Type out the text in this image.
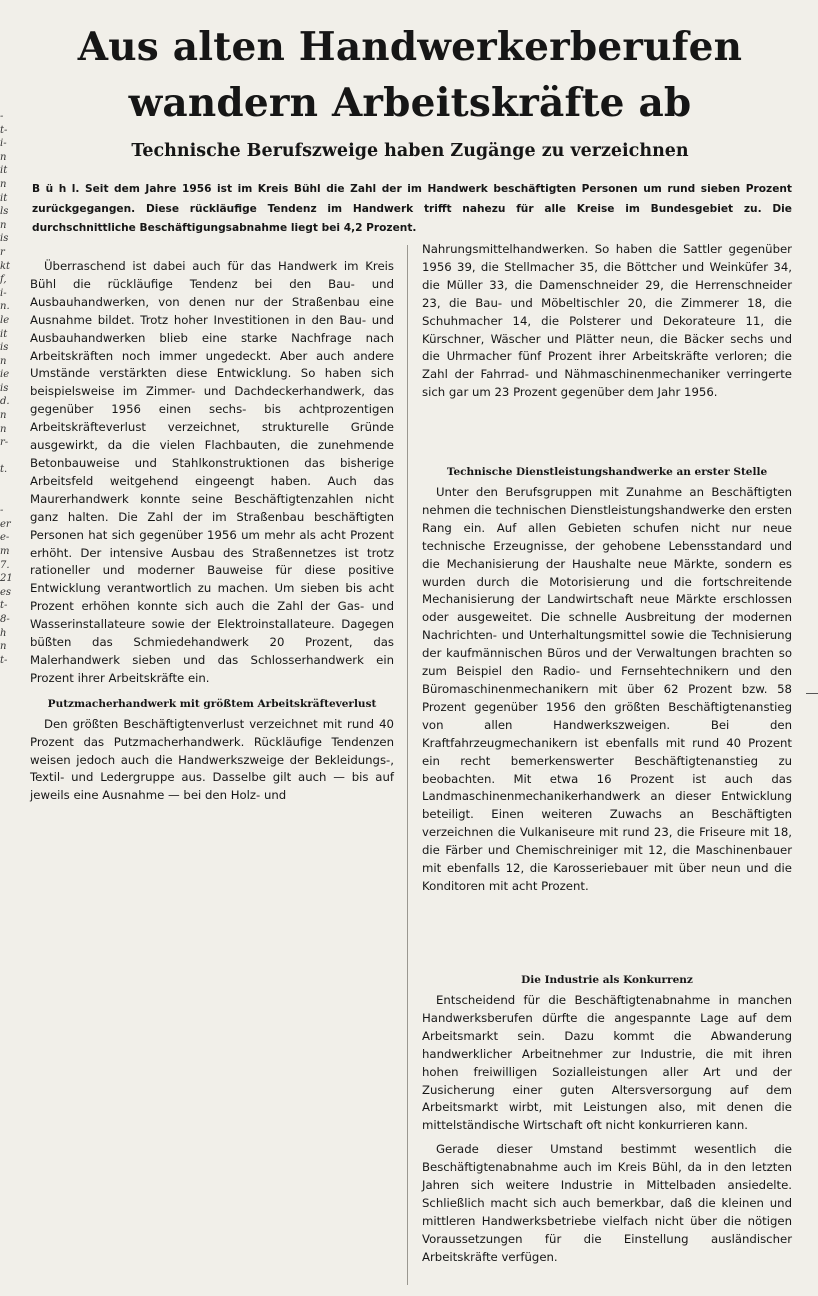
-
t-
i-
n
it
n
it
ls
n
is
r
kt
f,
i-
n.
le
it
is
n
ie
is
d.
n
n
r-

t.

-
er
e-
m
7.
21
es
t-
8-
h
n
t-
Aus alten Handwerkerberufen
wandern Arbeitskräfte ab
Technische Berufszweige haben Zugänge zu verzeichnen

B ü h l. Seit dem Jahre 1956 ist im Kreis Bühl die Zahl der im Handwerk beschäftigten Personen um rund sieben Prozent zurückgegangen. Diese rückläufige Tendenz im Handwerk trifft nahezu für alle Kreise im Bundesgebiet zu. Die durchschnittliche Beschäftigungsabnahme liegt bei 4,2 Prozent.

Überraschend ist dabei auch für das Handwerk im Kreis Bühl die rückläufige Tendenz bei den Bau- und Ausbauhandwerken, von denen nur der Straßenbau eine Ausnahme bildet. Trotz hoher Investitionen in den Bau- und Ausbauhandwerken blieb eine starke Nachfrage nach Arbeitskräften noch immer ungedeckt. Aber auch andere Umstände verstärkten diese Entwicklung. So haben sich beispielsweise im Zimmer- und Dachdeckerhandwerk, das gegenüber 1956 einen sechs- bis achtprozentigen Arbeitskräfteverlust verzeichnet, strukturelle Gründe ausgewirkt, da die vielen Flachbauten, die zunehmende Betonbauweise und Stahlkonstruktionen das bisherige Arbeitsfeld weitgehend eingeengt haben. Auch das Maurerhandwerk konnte seine Beschäftigtenzahlen nicht ganz halten. Die Zahl der im Straßenbau beschäftigten Personen hat sich gegenüber 1956 um mehr als acht Prozent erhöht. Der intensive Ausbau des Straßennetzes ist trotz rationeller und moderner Bauweise für diese positive Entwicklung verantwortlich zu machen. Um sieben bis acht Prozent erhöhen konnte sich auch die Zahl der Gas- und Wasserinstallateure sowie der Elektroinstallateure. Dagegen büßten das Schmiedehandwerk 20 Prozent, das Malerhandwerk sieben und das Schlosserhandwerk ein Prozent ihrer Arbeitskräfte ein.

Putzmacherhandwerk mit größtem Arbeitskräfteverlust

Den größten Beschäftigtenverlust verzeichnet mit rund 40 Prozent das Putzmacherhandwerk. Rückläufige Tendenzen weisen jedoch auch die Handwerkszweige der Bekleidungs-, Textil- und Ledergruppe aus. Dasselbe gilt auch — bis auf jeweils eine Ausnahme — bei den Holz- und

Nahrungsmittelhandwerken. So haben die Sattler gegenüber 1956 39, die Stellmacher 35, die Böttcher und Weinküfer 34, die Müller 33, die Damenschneider 29, die Herrenschneider 23, die Bau- und Möbeltischler 20, die Zimmerer 18, die Schuhmacher 14, die Polsterer und Dekorateure 11, die Kürschner, Wäscher und Plätter neun, die Bäcker sechs und die Uhrmacher fünf Prozent ihrer Arbeitskräfte verloren; die Zahl der Fahrrad- und Nähmaschinenmechaniker verringerte sich gar um 23 Prozent gegenüber dem Jahr 1956.

Technische Dienstleistungshandwerke an erster Stelle

Unter den Berufsgruppen mit Zunahme an Beschäftigten nehmen die technischen Dienstleistungshandwerke den ersten Rang ein. Auf allen Gebieten schufen nicht nur neue technische Erzeugnisse, der gehobene Lebensstandard und die Mechanisierung der Haushalte neue Märkte, sondern es wurden durch die Motorisierung und die fortschreitende Mechanisierung der Landwirtschaft neue Märkte erschlossen oder ausgeweitet. Die schnelle Ausbreitung der modernen Nachrichten- und Unterhaltungsmittel sowie die Technisierung der kaufmännischen Büros und der Verwaltungen brachten so zum Beispiel den Radio- und Fernsehtechnikern und den Büromaschinenmechanikern mit über 62 Prozent bzw. 58 Prozent gegenüber 1956 den größten Beschäftigtenanstieg von allen Handwerkszweigen. Bei den Kraftfahrzeugmechanikern ist ebenfalls mit rund 40 Prozent ein recht bemerkenswerter Beschäftigtenanstieg zu beobachten. Mit etwa 16 Prozent ist auch das Landmaschinenmechanikerhandwerk an dieser Entwicklung beteiligt. Einen weiteren Zuwachs an Beschäftigten verzeichnen die Vulkaniseure mit rund 23, die Friseure mit 18, die Färber und Chemischreiniger mit 12, die Maschinenbauer mit ebenfalls 12, die Karosseriebauer mit über neun und die Konditoren mit acht Prozent.

Die Industrie als Konkurrenz

Entscheidend für die Beschäftigtenabnahme in manchen Handwerksberufen dürfte die angespannte Lage auf dem Arbeitsmarkt sein. Dazu kommt die Abwanderung handwerklicher Arbeitnehmer zur Industrie, die mit ihren hohen freiwilligen Sozialleistungen aller Art und der Zusicherung einer guten Altersversorgung auf dem Arbeitsmarkt wirbt, mit Leistungen also, mit denen die mittelständische Wirtschaft oft nicht konkurrieren kann.

Gerade dieser Umstand bestimmt wesentlich die Beschäftigtenabnahme auch im Kreis Bühl, da in den letzten Jahren sich weitere Industrie in Mittelbaden ansiedelte. Schließlich macht sich auch bemerkbar, daß die kleinen und mittleren Handwerksbetriebe vielfach nicht über die nötigen Voraussetzungen für die Einstellung ausländischer Arbeitskräfte verfügen.
